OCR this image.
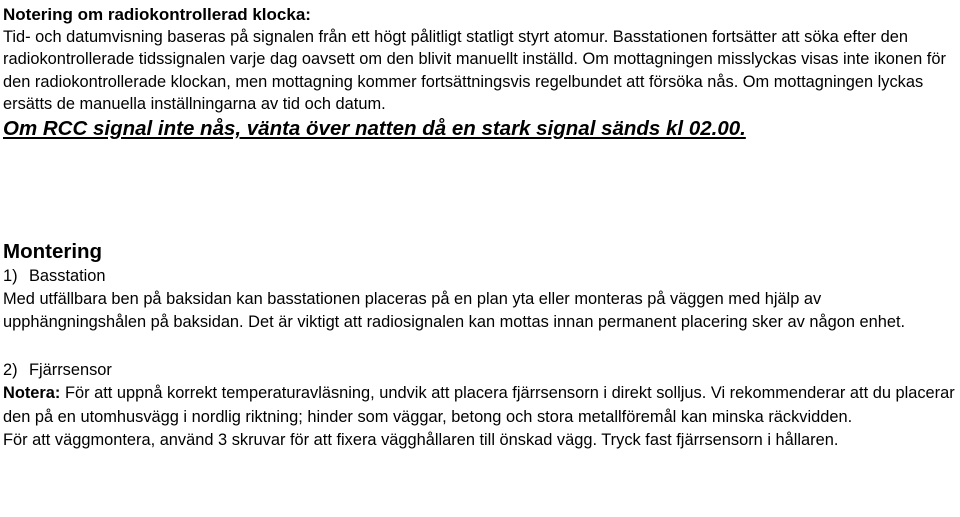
Notering om radiokontrollerad klocka:

Tid- och datumvisning baseras på signalen från ett högt pålitligt statligt styrt atomur. Basstationen fortsätter att söka efter den radiokontrollerade tidssignalen varje dag oavsett om den blivit manuellt inställd. Om mottagningen misslyckas visas inte ikonen för den radiokontrollerade klockan, men mottagning kommer fortsättningsvis regelbundet att försöka nås. Om mottagningen lyckas ersätts de manuella inställningarna av tid och datum.

Om RCC signal inte nås, vänta över natten då en stark signal sänds kl 02.00.

Montering

1) Basstation

Med utfällbara ben på baksidan kan basstationen placeras på en plan yta eller monteras på väggen med hjälp av upphängningshålen på baksidan. Det är viktigt att radiosignalen kan mottas innan permanent placering sker av någon enhet.

2) Fjärrsensor

Notera: För att uppnå korrekt temperaturavläsning, undvik att placera fjärrsensorn i direkt solljus. Vi rekommenderar att du placerar den på en utomhusvägg i nordlig riktning; hinder som väggar, betong och stora metallföremål kan minska räckvidden.

För att väggmontera, använd 3 skruvar för att fixera vägghållaren till önskad vägg. Tryck fast fjärrsensorn i hållaren.
